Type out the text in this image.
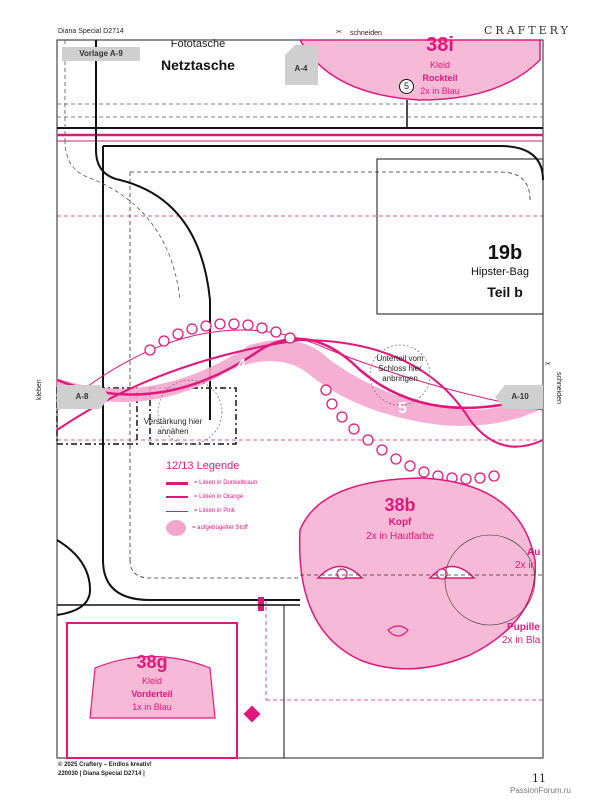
Diana Special D2714	✂ schneiden	CRAFTERY
Vorlage A-9
A-4
A-8	A-10
Fototasche
Netztasche
38i
Kleid
Rockteil
2x in Blau
5
19b
Hipster-Bag
Teil b
kleben
✂
schneiden
Unterteil vom Schloss hier anbringen
Verstärkung hier annähen
4
5
12/13 Legende
= Linien in Dunkelbraun
= Linien in Orange
= Linien in Pink
= aufgebügelter Stoff
38b
Kopf
2x in Hautfarbe
Au
2x in
Pupille
2x in Bla
38g
Kleid
Vorderteil
1x in Blau
© 2025 Craftery – Endlos kreativ!
220030 | Diana Special D2714 |	11
PassionForum.ru
